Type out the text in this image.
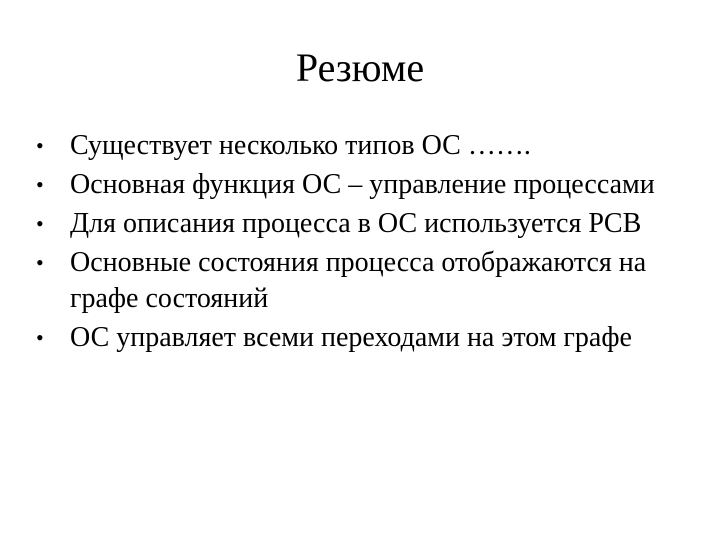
Резюме
• Существует несколько типов ОС …….
• Основная функция ОС – управление процессами
• Для описания процесса в ОС используется PCB
• Основные состояния процесса отображаются на графе состояний
• ОС управляет всеми переходами на этом графе
